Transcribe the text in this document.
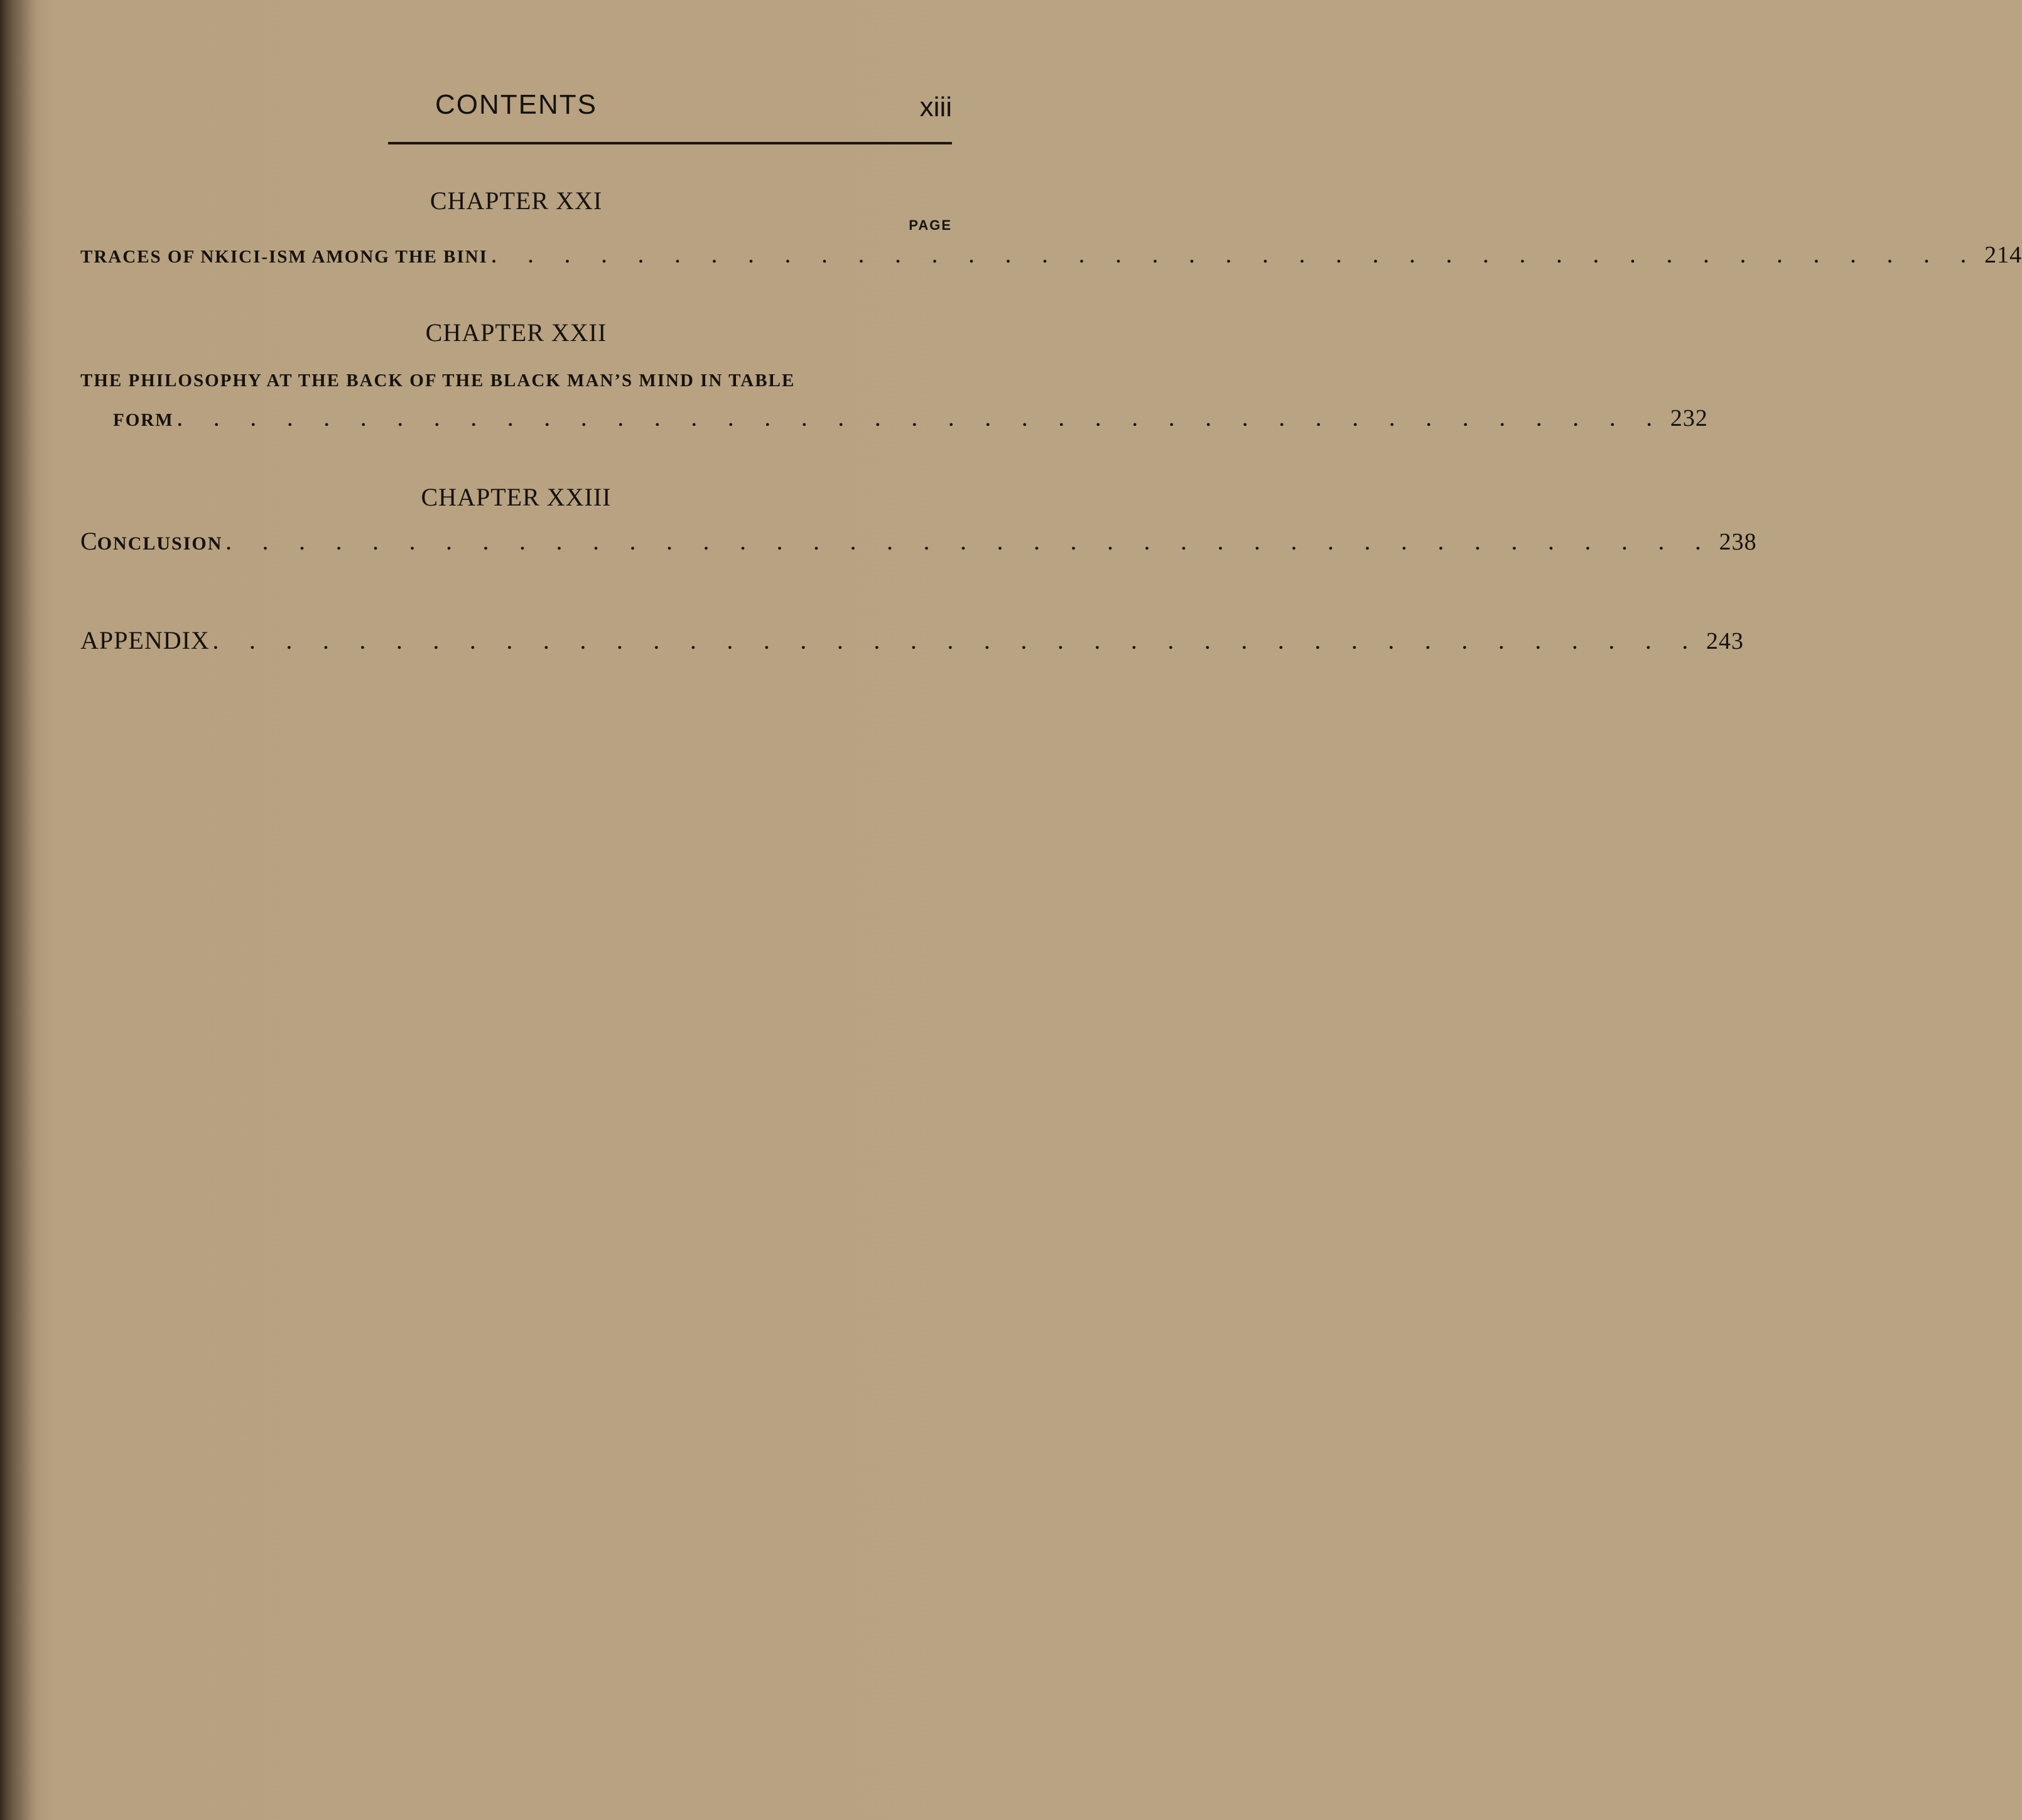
CONTENTS	xiii
CHAPTER XXI
PAGE
TRACES OF NKICI-ISM AMONG THE BINI . . . . . . . . . . . . . . . . . . . . . . . . . . . . . . . . . . . . . . . . . 214
CHAPTER XXII
THE PHILOSOPHY AT THE BACK OF THE BLACK MAN’S MIND IN TABLE
FORM . . . . . . . . . . . . . . . . . . . . . . . . . . . . . . . . . . . . . . . . . 232
CHAPTER XXIII
CONCLUSION . . . . . . . . . . . . . . . . . . . . . . . . . . . . . . . . . . . . . . . . . 238
APPENDIX . . . . . . . . . . . . . . . . . . . . . . . . . . . . . . . . . . . . . . . . . 243
